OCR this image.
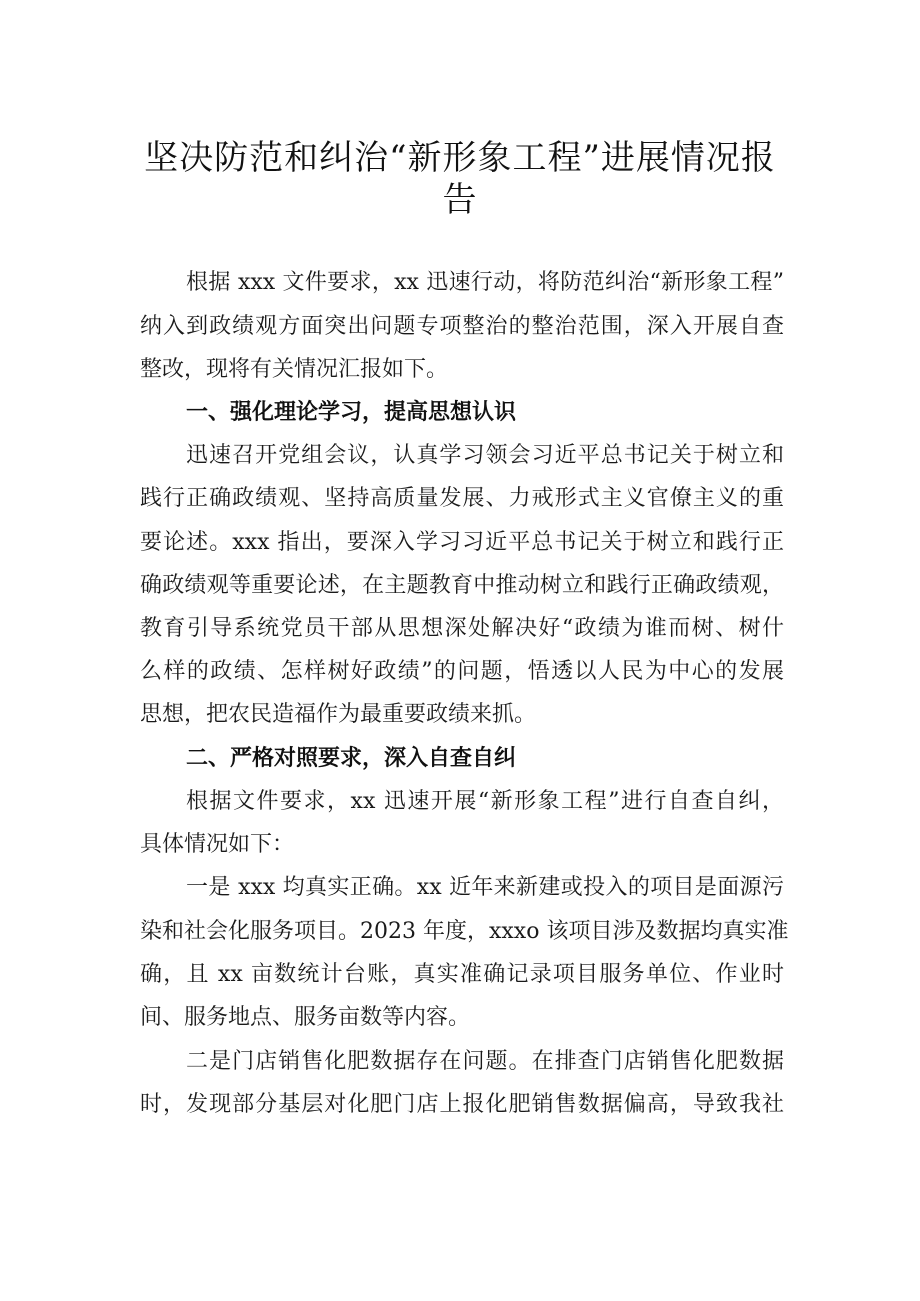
坚决防范和纠治“新形象工程”进展情况报
告
根据 xxx 文件要求，xx 迅速行动，将防范纠治“新形象工程”
纳入到政绩观方面突出问题专项整治的整治范围，深入开展自查
整改，现将有关情况汇报如下。
一、强化理论学习，提高思想认识
迅速召开党组会议，认真学习领会习近平总书记关于树立和
践行正确政绩观、坚持高质量发展、力戒形式主义官僚主义的重
要论述。xxx 指出，要深入学习习近平总书记关于树立和践行正
确政绩观等重要论述，在主题教育中推动树立和践行正确政绩观，
教育引导系统党员干部从思想深处解决好“政绩为谁而树、树什
么样的政绩、怎样树好政绩”的问题，悟透以人民为中心的发展
思想，把农民造福作为最重要政绩来抓。
二、严格对照要求，深入自查自纠
根据文件要求，xx 迅速开展“新形象工程”进行自查自纠，
具体情况如下：
一是 xxx 均真实正确。xx 近年来新建或投入的项目是面源污
染和社会化服务项目。2023 年度，xxxo 该项目涉及数据均真实准
确，且 xx 亩数统计台账，真实准确记录项目服务单位、作业时
间、服务地点、服务亩数等内容。
二是门店销售化肥数据存在问题。在排查门店销售化肥数据
时，发现部分基层对化肥门店上报化肥销售数据偏高，导致我社
